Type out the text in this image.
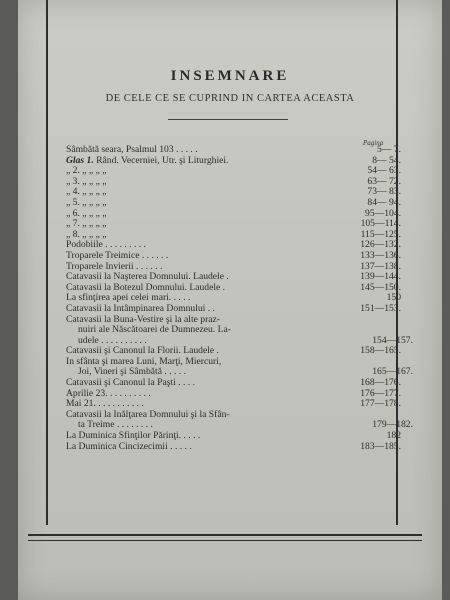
INSEMNARE
DE CELE CE SE CUPRIND IN CARTEA ACEASTA
Pagina
Sâmbătă seara, Psalmul 103 . . . . .	5— 7.
Glas 1. Rând. Vecerniei, Utr. şi Liturghiei.	8— 54.
„ 2. „ „ „ „	54— 63.
„ 3. „ „ „ „	63— 72.
„ 4. „ „ „ „	73— 83.
„ 5. „ „ „ „	84— 94.
„ 6. „ „ „ „	95—104.
„ 7. „ „ „ „	105—114.
„ 8. „ „ „ „	115—125.
Podobiile . . . . . . . . .	126—132.
Troparele Treimice . . . . . .	133—136.
Troparele Invierii . . . . . .	137—138.
Catavasii la Naşterea Domnului. Laudele .	139—144.
Catavasii la Botezul Domnului. Laudele .	145—150.
La sfinţirea apei celei mari. . . . .	150
Catavasii la Intâmpinarea Domnului . .	151—153.
Catavasii la Buna-Vestire şi la alte praz-
nuiri ale Născătoarei de Dumnezeu. La-
udele . . . . . . . . . .	154—157.
Catavasii şi Canonul la Florii. Laudele .	158—165.
In sfânta şi marea Luni, Marţi, Miercuri,
Joi, Vineri şi Sâmbătă . . . . .	165—167.
Catavasii şi Canonul la Paşti . . . .	168—176.
Aprilie 23. . . . . . . . . .	176—177.
Mai 21. . . . . . . . . . .	177—178.
Catavasii la Inălţarea Domnului şi la Sfân-
ta Treime . . . . . . . .	179—182.
La Duminica Sfinţilor Părinţi. . . . .	182
La Duminica Cincizecimii . . . . .	183—185.
